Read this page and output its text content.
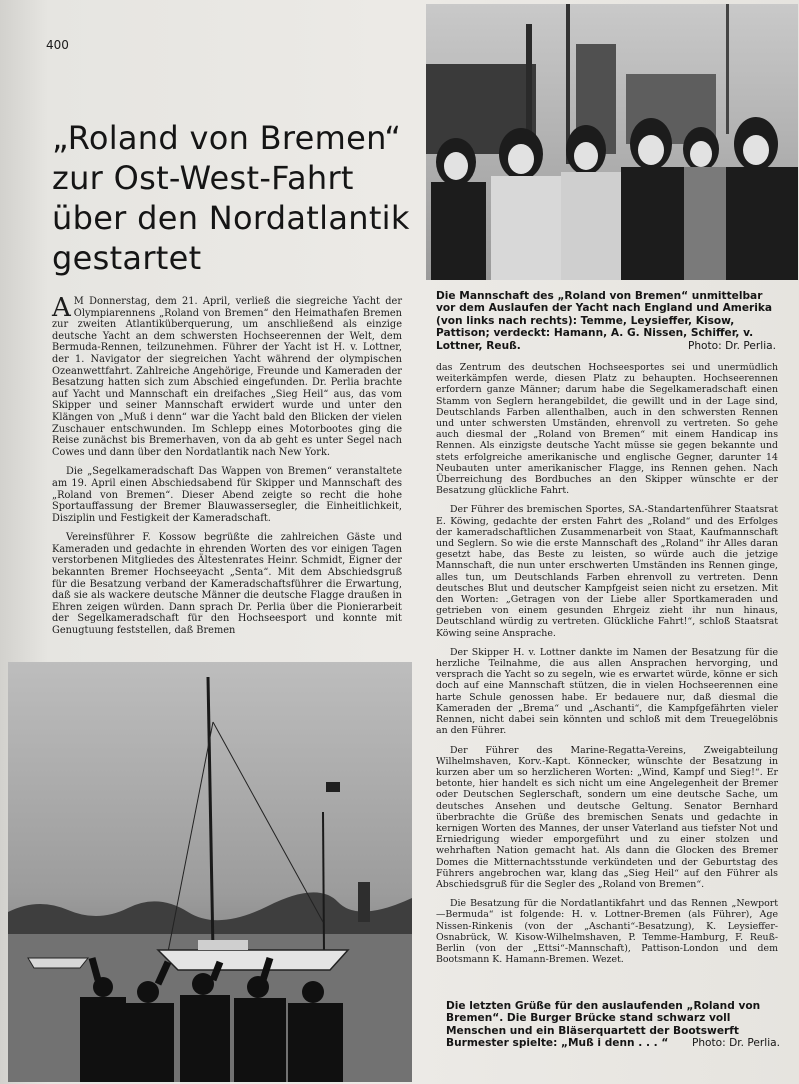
400
„Roland von Bremen“
zur Ost-West-Fahrt
über den Nordatlantik
gestartet
Die Mannschaft des „Roland von Bremen“ unmittelbar vor dem Auslaufen der Yacht nach England und Amerika (von links nach rechts): Temme, Leysieffer, Kisow, Pattison; verdeckt: Hamann, A. G. Nissen, Schiffer, v. Lottner, Reuß.	Photo: Dr. Perlia.

A M Donnerstag, dem 21. April, verließ die siegreiche Yacht der Olympiarennens „Roland von Bremen“ den Heimathafen Bremen zur zweiten Atlantiküberquerung, um anschließend als einzige deutsche Yacht an dem schwersten Hochseerennen der Welt, dem Bermuda-Rennen, teilzunehmen. Führer der Yacht ist H. v. Lottner, der 1. Navigator der siegreichen Yacht während der olympischen Ozeanwettfahrt. Zahlreiche Angehörige, Freunde und Kameraden der Besatzung hatten sich zum Abschied eingefunden. Dr. Perlia brachte auf Yacht und Mannschaft ein dreifaches „Sieg Heil“ aus, das vom Skipper und seiner Mannschaft erwidert wurde und unter den Klängen von „Muß i denn“ war die Yacht bald den Blicken der vielen Zuschauer entschwunden. Im Schlepp eines Motorbootes ging die Reise zunächst bis Bremerhaven, von da ab geht es unter Segel nach Cowes und dann über den Nordatlantik nach New York.

Die „Segelkameradschaft Das Wappen von Bremen“ veranstaltete am 19. April einen Abschiedsabend für Skipper und Mannschaft des „Roland von Bremen“. Dieser Abend zeigte so recht die hohe Sportauffassung der Bremer Blauwassersegler, die Einheitlichkeit, Disziplin und Festigkeit der Kameradschaft.

Vereinsführer F. Kossow begrüßte die zahlreichen Gäste und Kameraden und gedachte in ehrenden Worten des vor einigen Tagen verstorbenen Mitgliedes des Ältestenrates Heinr. Schmidt, Eigner der bekannten Bremer Hochseeyacht „Senta“. Mit dem Abschiedsgruß für die Besatzung verband der Kameradschaftsführer die Erwartung, daß sie als wackere deutsche Männer die deutsche Flagge draußen in Ehren zeigen würden. Dann sprach Dr. Perlia über die Pionierarbeit der Segelkameradschaft für den Hochseesport und konnte mit Genugtuung feststellen, daß Bremen

das Zentrum des deutschen Hochseesportes sei und unermüdlich weiterkämpfen werde, diesen Platz zu behaupten. Hochseerennen erfordern ganze Männer; darum habe die Segelkameradschaft einen Stamm von Seglern herangebildet, die gewillt und in der Lage sind, Deutschlands Farben allenthalben, auch in den schwersten Rennen und unter schwersten Umständen, ehrenvoll zu vertreten. So gehe auch diesmal der „Roland von Bremen“ mit einem Handicap ins Rennen. Als einzigste deutsche Yacht müsse sie gegen bekannte und stets erfolgreiche amerikanische und englische Gegner, darunter 14 Neubauten unter amerikanischer Flagge, ins Rennen gehen. Nach Überreichung des Bordbuches an den Skipper wünschte er der Besatzung glückliche Fahrt.

Der Führer des bremischen Sportes, SA.-Standartenführer Staatsrat E. Köwing, gedachte der ersten Fahrt des „Roland“ und des Erfolges der kameradschaftlichen Zusammenarbeit von Staat, Kaufmannschaft und Seglern. So wie die erste Mannschaft des „Roland“ ihr Alles daran gesetzt habe, das Beste zu leisten, so würde auch die jetzige Mannschaft, die nun unter erschwerten Umständen ins Rennen ginge, alles tun, um Deutschlands Farben ehrenvoll zu vertreten. Denn deutsches Blut und deutscher Kampfgeist seien nicht zu ersetzen. Mit den Worten: „Getragen von der Liebe aller Sportkameraden und getrieben von einem gesunden Ehrgeiz zieht ihr nun hinaus, Deutschland würdig zu vertreten. Glückliche Fahrt!“, schloß Staatsrat Köwing seine Ansprache.

Der Skipper H. v. Lottner dankte im Namen der Besatzung für die herzliche Teilnahme, die aus allen Ansprachen hervorging, und versprach die Yacht so zu segeln, wie es erwartet würde, könne er sich doch auf eine Mannschaft stützen, die in vielen Hochseerennen eine harte Schule genossen habe. Er bedauere nur, daß diesmal die Kameraden der „Brema“ und „Aschanti“, die Kampfgefährten vieler Rennen, nicht dabei sein könnten und schloß mit dem Treuegelöbnis an den Führer.

Der Führer des Marine-Regatta-Vereins, Zweigabteilung Wilhelmshaven, Korv.-Kapt. Könnecker, wünschte der Besatzung in kurzen aber um so herzlicheren Worten: „Wind, Kampf und Sieg!“. Er betonte, hier handelt es sich nicht um eine Angelegenheit der Bremer oder Deutschen Seglerschaft, sondern um eine deutsche Sache, um deutsches Ansehen und deutsche Geltung. Senator Bernhard überbrachte die Grüße des bremischen Senats und gedachte in kernigen Worten des Mannes, der unser Vaterland aus tiefster Not und Erniedrigung wieder emporgeführt und zu einer stolzen und wehrhaften Nation gemacht hat. Als dann die Glocken des Bremer Domes die Mitternachtsstunde verkündeten und der Geburtstag des Führers angebrochen war, klang das „Sieg Heil“ auf den Führer als Abschiedsgruß für die Segler des „Roland von Bremen“.

Die Besatzung für die Nordatlantikfahrt und das Rennen „Newport—Bermuda“ ist folgende: H. v. Lottner-Bremen (als Führer), Age Nissen-Rinkenis (von der „Aschanti“-Besatzung), K. Leysieffer-Osnabrück, W. Kisow-Wilhelmshaven, P. Temme-Hamburg, F. Reuß-Berlin (von der „Ettsi“-Mannschaft), Pattison-London und dem Bootsmann K. Hamann-Bremen. Wezet.

Die letzten Grüße für den auslaufenden „Roland von Bremen“. Die Burger Brücke stand schwarz voll Menschen und ein Bläserquartett der Bootswerft Burmester spielte: „Muß i denn . . . “ Photo: Dr. Perlia.
